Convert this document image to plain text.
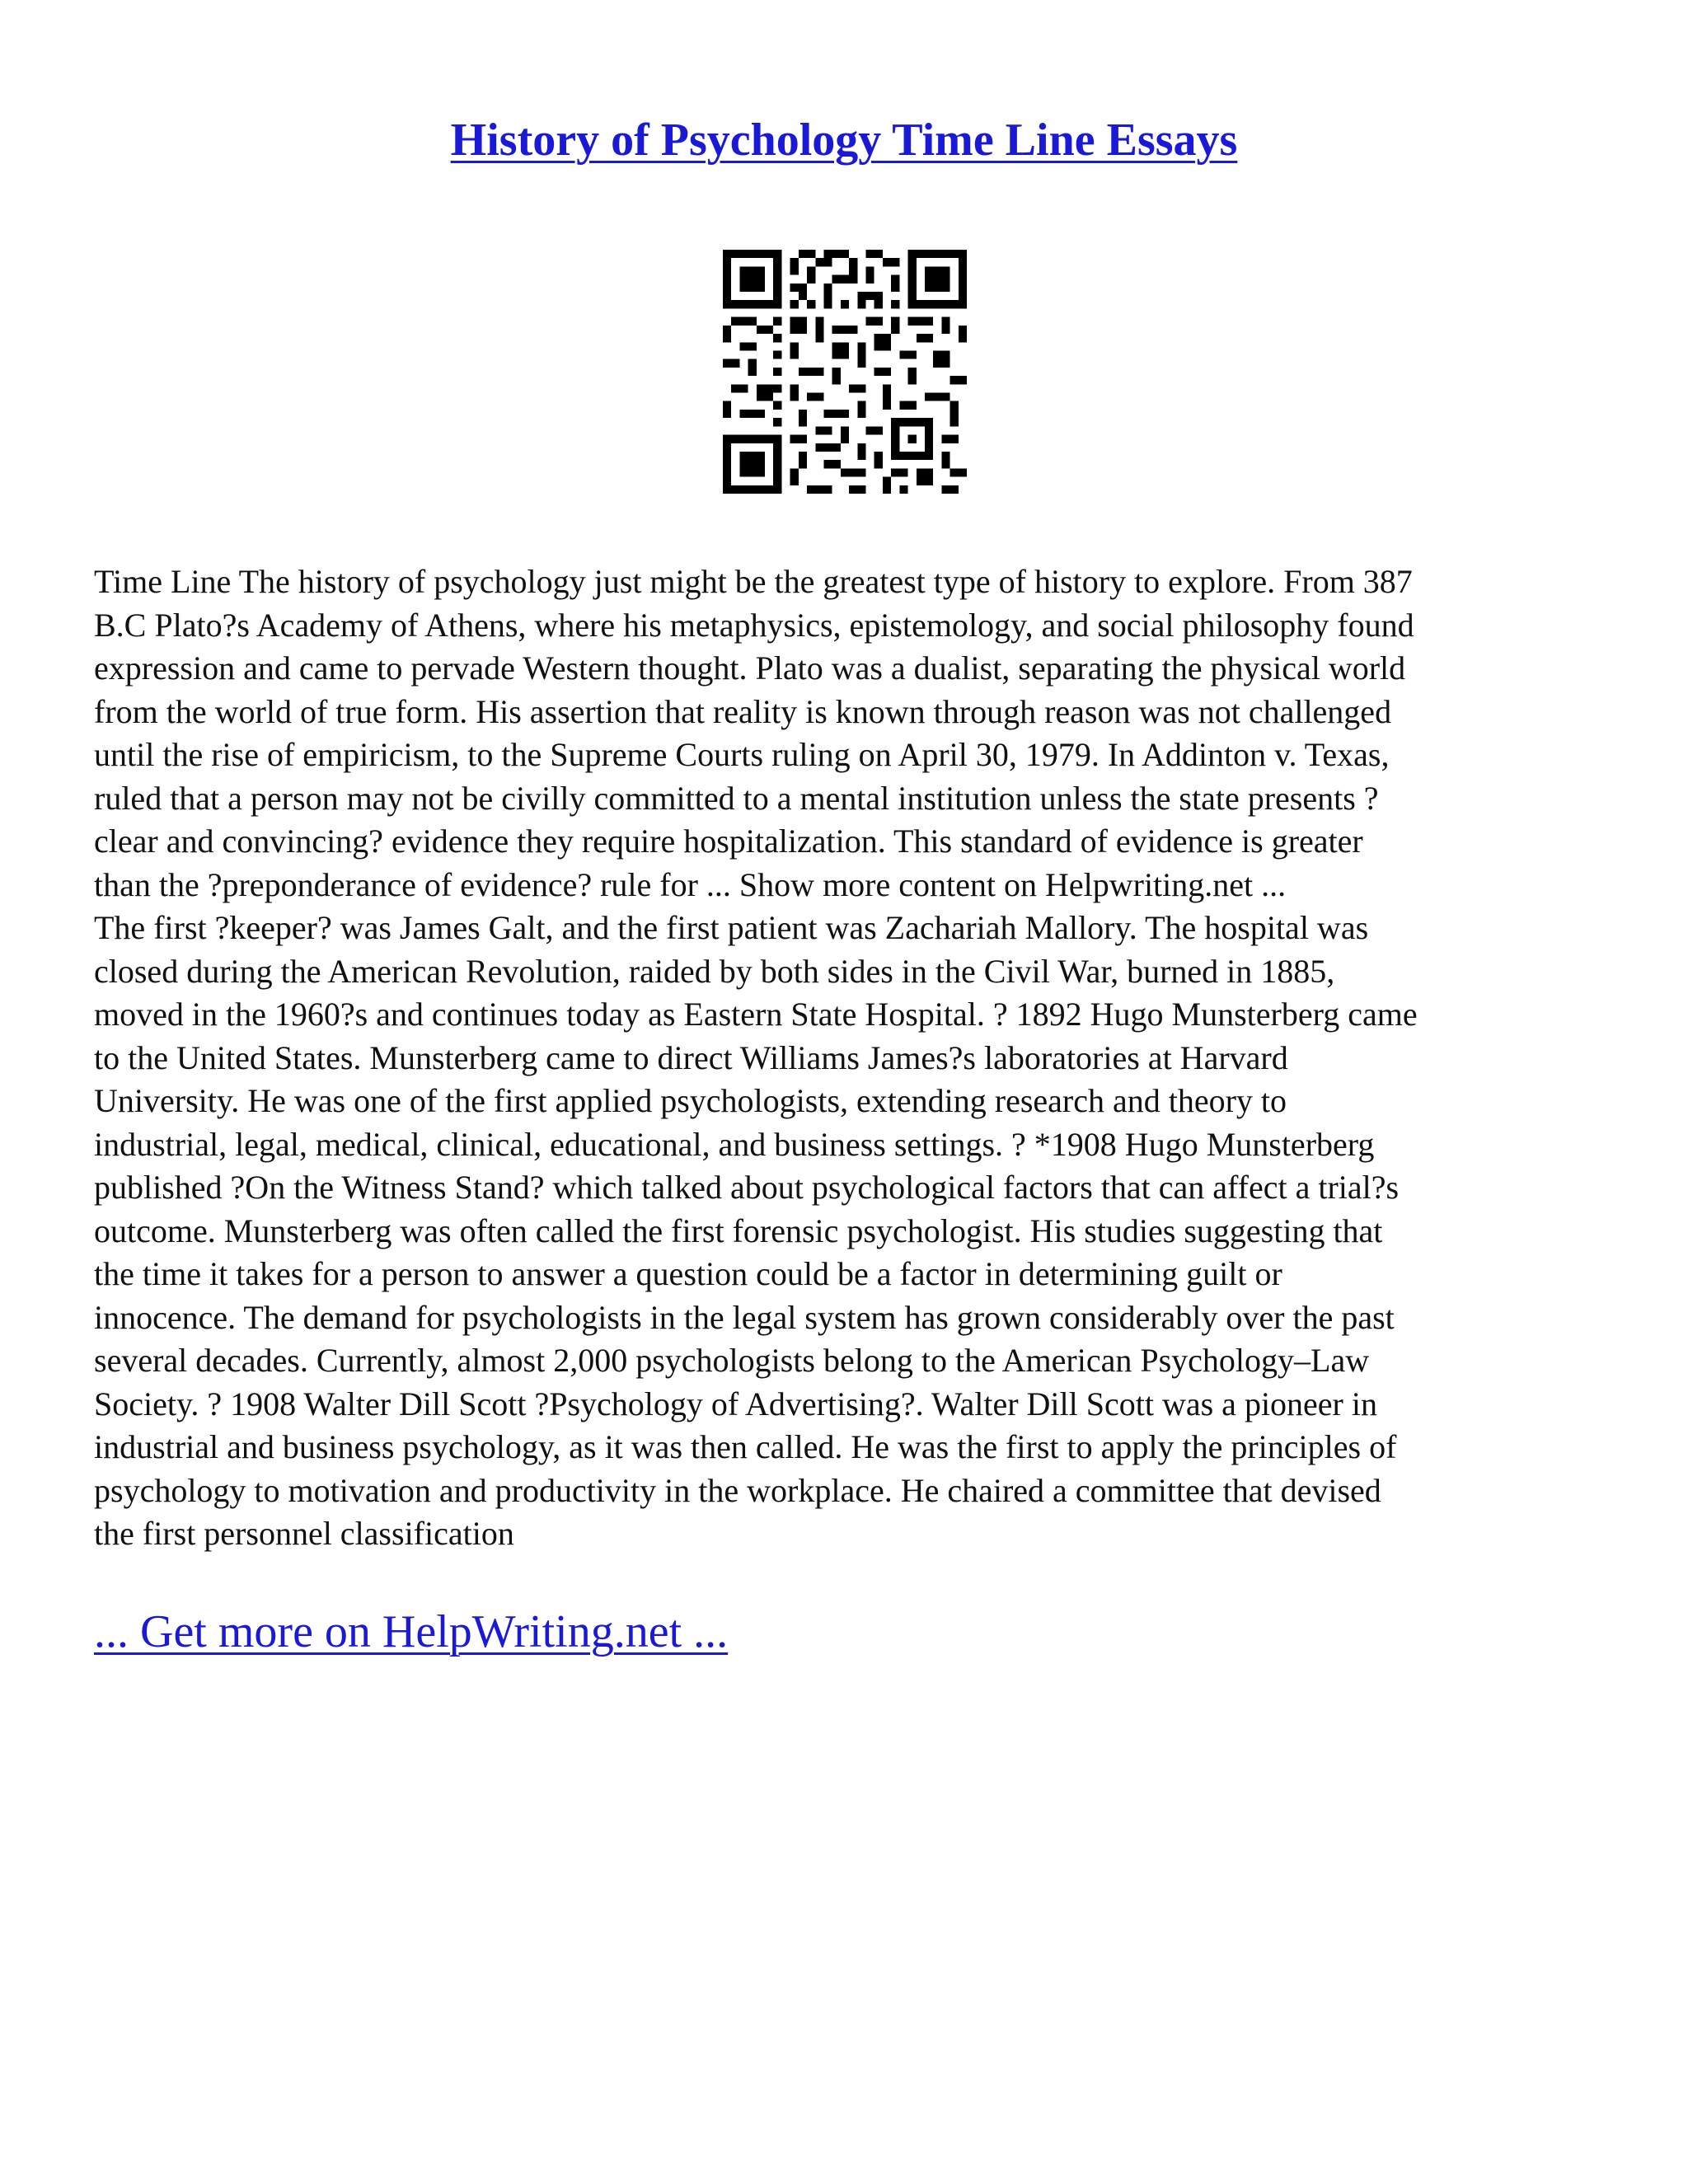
History of Psychology Time Line Essays

Time Line The history of psychology just might be the greatest type of history to explore. From 387

B.C Plato?s Academy of Athens, where his metaphysics, epistemology, and social philosophy found

expression and came to pervade Western thought. Plato was a dualist, separating the physical world

from the world of true form. His assertion that reality is known through reason was not challenged

until the rise of empiricism, to the Supreme Courts ruling on April 30, 1979. In Addinton v. Texas,

ruled that a person may not be civilly committed to a mental institution unless the state presents ?

clear and convincing? evidence they require hospitalization. This standard of evidence is greater

than the ?preponderance of evidence? rule for ... Show more content on Helpwriting.net ...

The first ?keeper? was James Galt, and the first patient was Zachariah Mallory. The hospital was

closed during the American Revolution, raided by both sides in the Civil War, burned in 1885,

moved in the 1960?s and continues today as Eastern State Hospital. ? 1892 Hugo Munsterberg came

to the United States. Munsterberg came to direct Williams James?s laboratories at Harvard

University. He was one of the first applied psychologists, extending research and theory to

industrial, legal, medical, clinical, educational, and business settings. ? *1908 Hugo Munsterberg

published ?On the Witness Stand? which talked about psychological factors that can affect a trial?s

outcome. Munsterberg was often called the first forensic psychologist. His studies suggesting that

the time it takes for a person to answer a question could be a factor in determining guilt or

innocence. The demand for psychologists in the legal system has grown considerably over the past

several decades. Currently, almost 2,000 psychologists belong to the American Psychology–Law

Society. ? 1908 Walter Dill Scott ?Psychology of Advertising?. Walter Dill Scott was a pioneer in

industrial and business psychology, as it was then called. He was the first to apply the principles of

psychology to motivation and productivity in the workplace. He chaired a committee that devised

the first personnel classification

... Get more on HelpWriting.net ...
